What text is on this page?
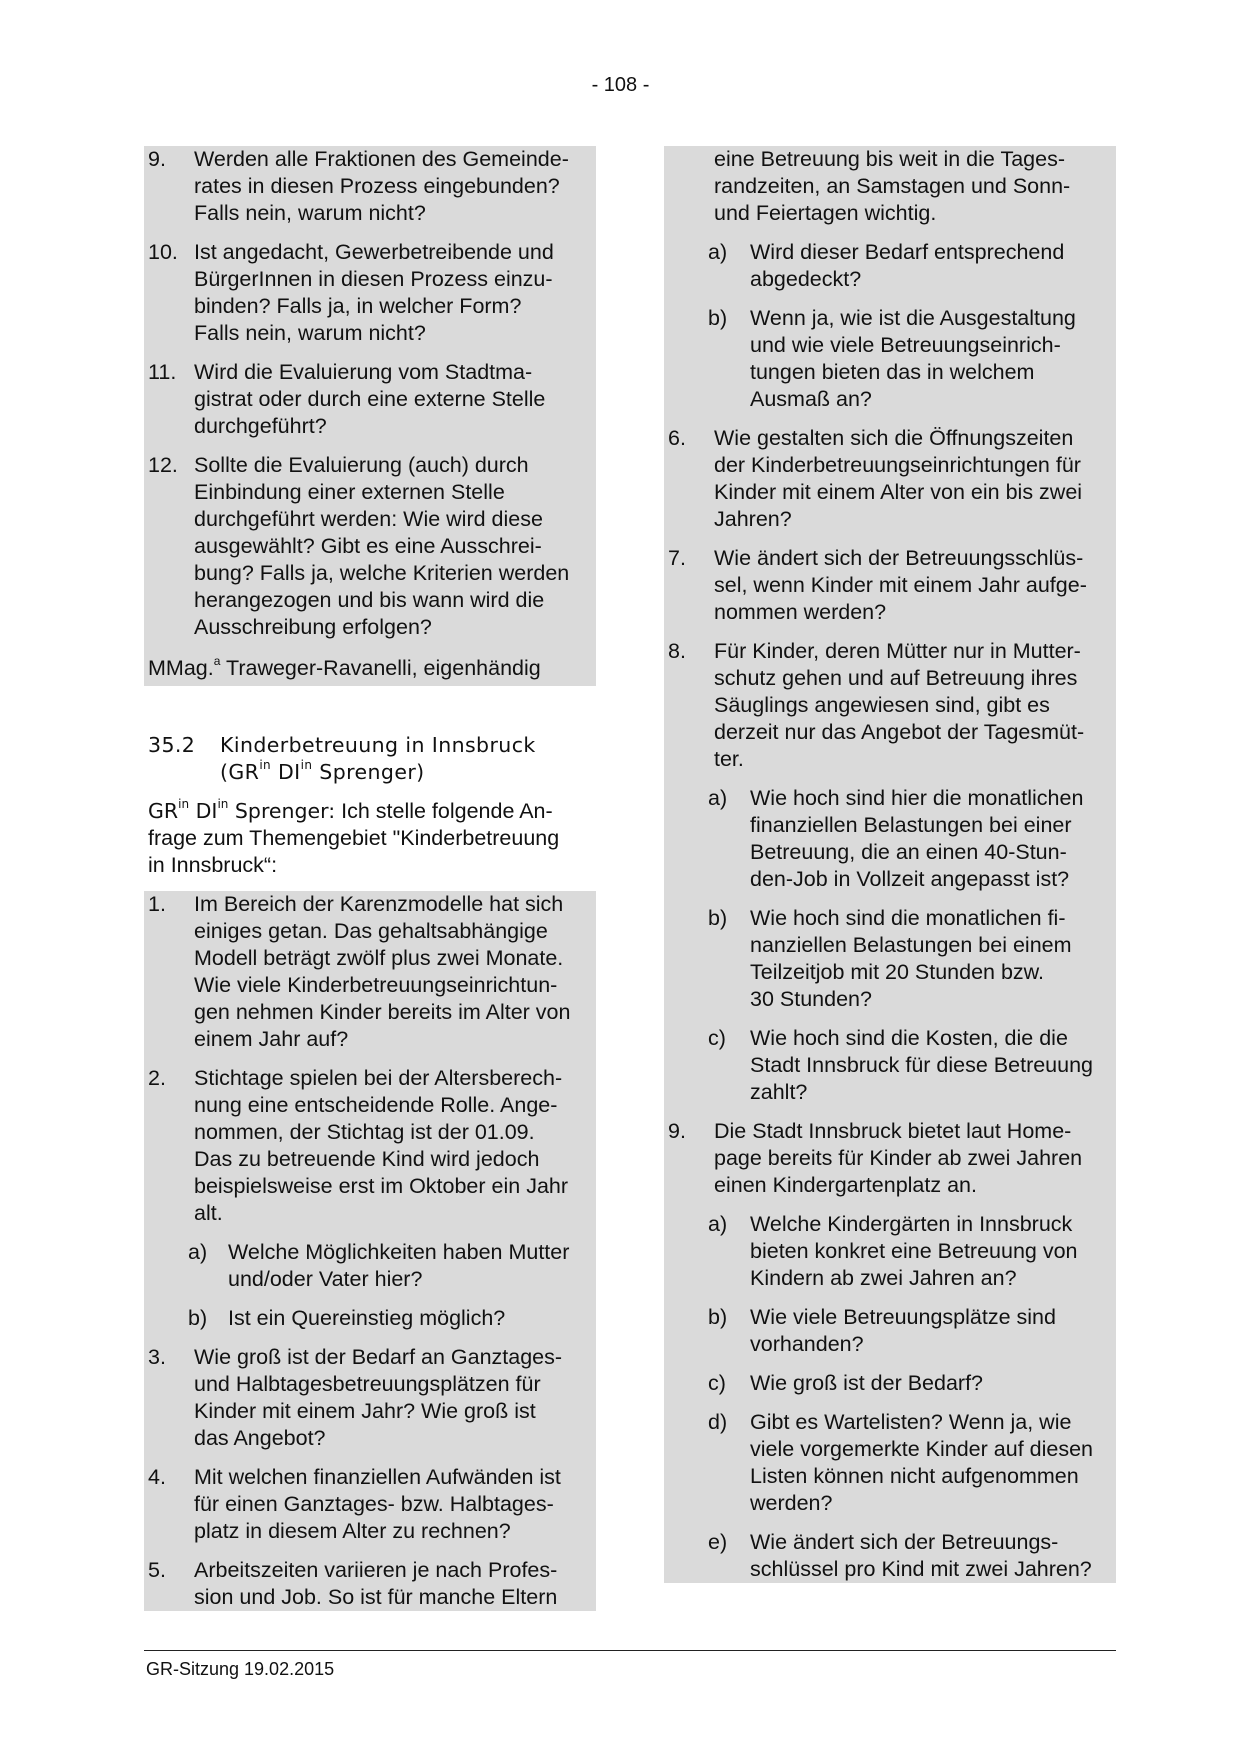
- 108 -
9. Werden alle Fraktionen des Gemeinde-
rates in diesen Prozess eingebunden?
Falls nein, warum nicht?
10. Ist angedacht, Gewerbetreibende und
BürgerInnen in diesen Prozess einzu-
binden? Falls ja, in welcher Form?
Falls nein, warum nicht?
11. Wird die Evaluierung vom Stadtma-
gistrat oder durch eine externe Stelle
durchgeführt?
12. Sollte die Evaluierung (auch) durch
Einbindung einer externen Stelle
durchgeführt werden: Wie wird diese
ausgewählt? Gibt es eine Ausschrei-
bung? Falls ja, welche Kriterien werden
herangezogen und bis wann wird die
Ausschreibung erfolgen?
MMag.$^a$ Traweger-Ravanelli, eigenhändig
35.2 Kinderbetreuung in Innsbruck
($GR^{in}$ $DI^{in}$ Sprenger)
$GR^{in}$ $DI^{in}$ Sprenger: Ich stelle folgende An-
frage zum Themengebiet "Kinderbetreuung
in Innsbruck“:
1. Im Bereich der Karenzmodelle hat sich
einiges getan. Das gehaltsabhängige
Modell beträgt zwölf plus zwei Monate.
Wie viele Kinderbetreuungseinrichtun-
gen nehmen Kinder bereits im Alter von
einem Jahr auf?
2. Stichtage spielen bei der Altersberech-
nung eine entscheidende Rolle. Ange-
nommen, der Stichtag ist der 01.09.
Das zu betreuende Kind wird jedoch
beispielsweise erst im Oktober ein Jahr
alt.
a) Welche Möglichkeiten haben Mutter
und/oder Vater hier?
b) Ist ein Quereinstieg möglich?
3. Wie groß ist der Bedarf an Ganztages-
und Halbtagesbetreuungsplätzen für
Kinder mit einem Jahr? Wie groß ist
das Angebot?
4. Mit welchen finanziellen Aufwänden ist
für einen Ganztages- bzw. Halbtages-
platz in diesem Alter zu rechnen?
5. Arbeitszeiten variieren je nach Profes-
sion und Job. So ist für manche Eltern
eine Betreuung bis weit in die Tages-
randzeiten, an Samstagen und Sonn-
und Feiertagen wichtig.
a) Wird dieser Bedarf entsprechend
abgedeckt?
b) Wenn ja, wie ist die Ausgestaltung
und wie viele Betreuungseinrich-
tungen bieten das in welchem
Ausmaß an?
6. Wie gestalten sich die Öffnungszeiten
der Kinderbetreuungseinrichtungen für
Kinder mit einem Alter von ein bis zwei
Jahren?
7. Wie ändert sich der Betreuungsschlüs-
sel, wenn Kinder mit einem Jahr aufge-
nommen werden?
8. Für Kinder, deren Mütter nur in Mutter-
schutz gehen und auf Betreuung ihres
Säuglings angewiesen sind, gibt es
derzeit nur das Angebot der Tagesmüt-
ter.
a) Wie hoch sind hier die monatlichen
finanziellen Belastungen bei einer
Betreuung, die an einen 40-Stun-
den-Job in Vollzeit angepasst ist?
b) Wie hoch sind die monatlichen fi-
nanziellen Belastungen bei einem
Teilzeitjob mit 20 Stunden bzw.
30 Stunden?
c) Wie hoch sind die Kosten, die die
Stadt Innsbruck für diese Betreuung
zahlt?
9. Die Stadt Innsbruck bietet laut Home-
page bereits für Kinder ab zwei Jahren
einen Kindergartenplatz an.
a) Welche Kindergärten in Innsbruck
bieten konkret eine Betreuung von
Kindern ab zwei Jahren an?
b) Wie viele Betreuungsplätze sind
vorhanden?
c) Wie groß ist der Bedarf?
d) Gibt es Wartelisten? Wenn ja, wie
viele vorgemerkte Kinder auf diesen
Listen können nicht aufgenommen
werden?
e) Wie ändert sich der Betreuungs-
schlüssel pro Kind mit zwei Jahren?
GR-Sitzung 19.02.2015
